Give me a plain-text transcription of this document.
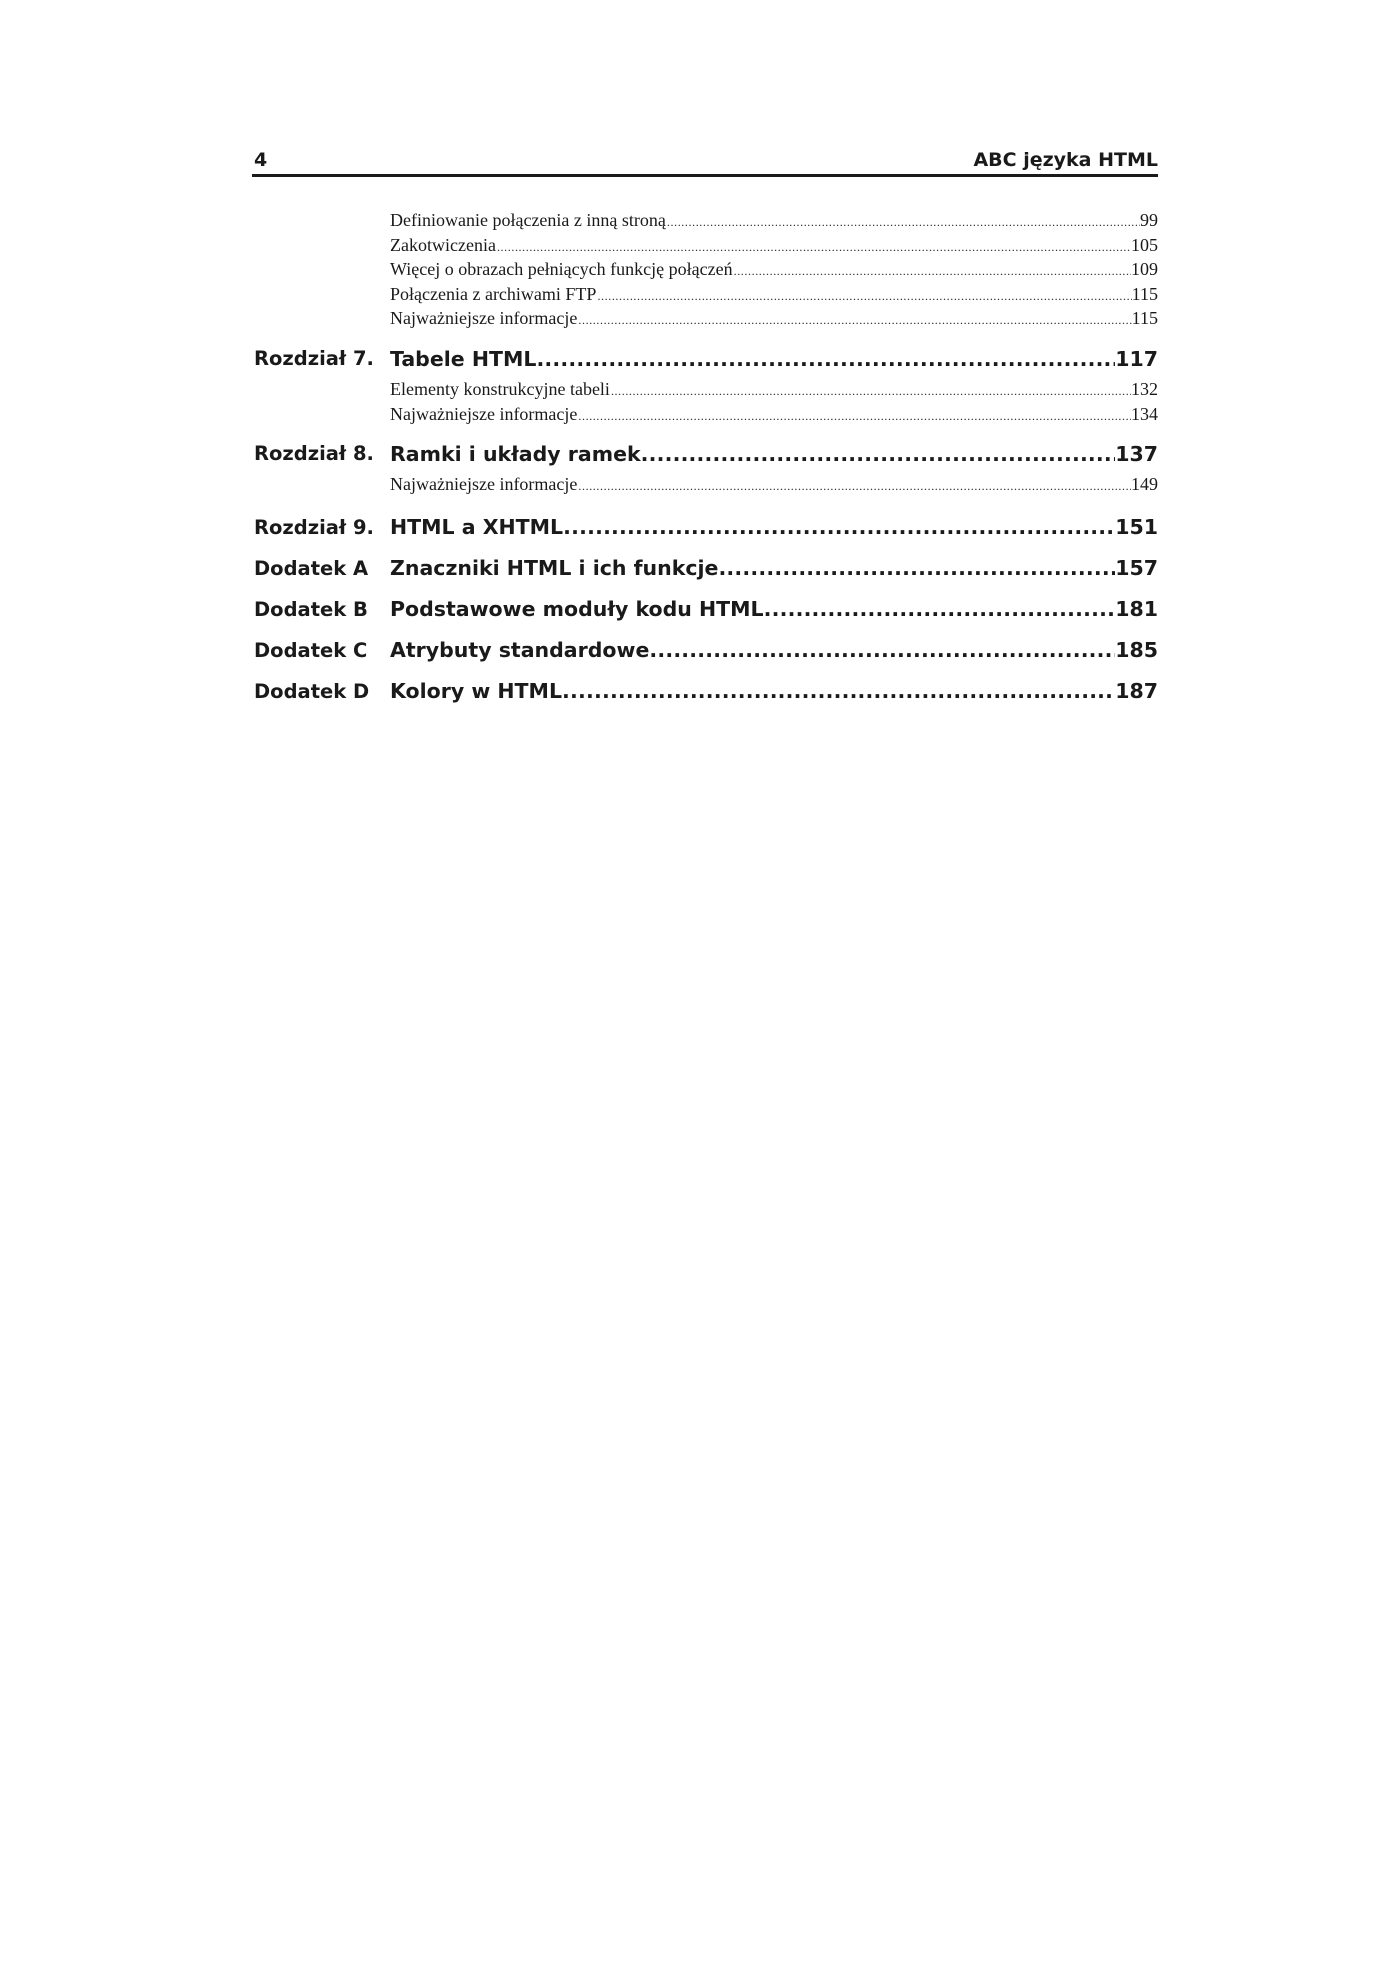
4	ABC języka HTML
Definiowanie połączenia z inną stroną .....	99
Zakotwiczenia .....	105
Więcej o obrazach pełniących funkcję połączeń .....	109
Połączenia z archiwami FTP .....	115
Najważniejsze informacje .....	115
Rozdział 7. Tabele HTML .....	117
Elementy konstrukcyjne tabeli .....	132
Najważniejsze informacje .....	134
Rozdział 8. Ramki i układy ramek .....	137
Najważniejsze informacje .....	149
Rozdział 9. HTML a XHTML .....	151
Dodatek A Znaczniki HTML i ich funkcje .....	157
Dodatek B Podstawowe moduły kodu HTML .....	181
Dodatek C Atrybuty standardowe .....	185
Dodatek D Kolory w HTML .....	187
